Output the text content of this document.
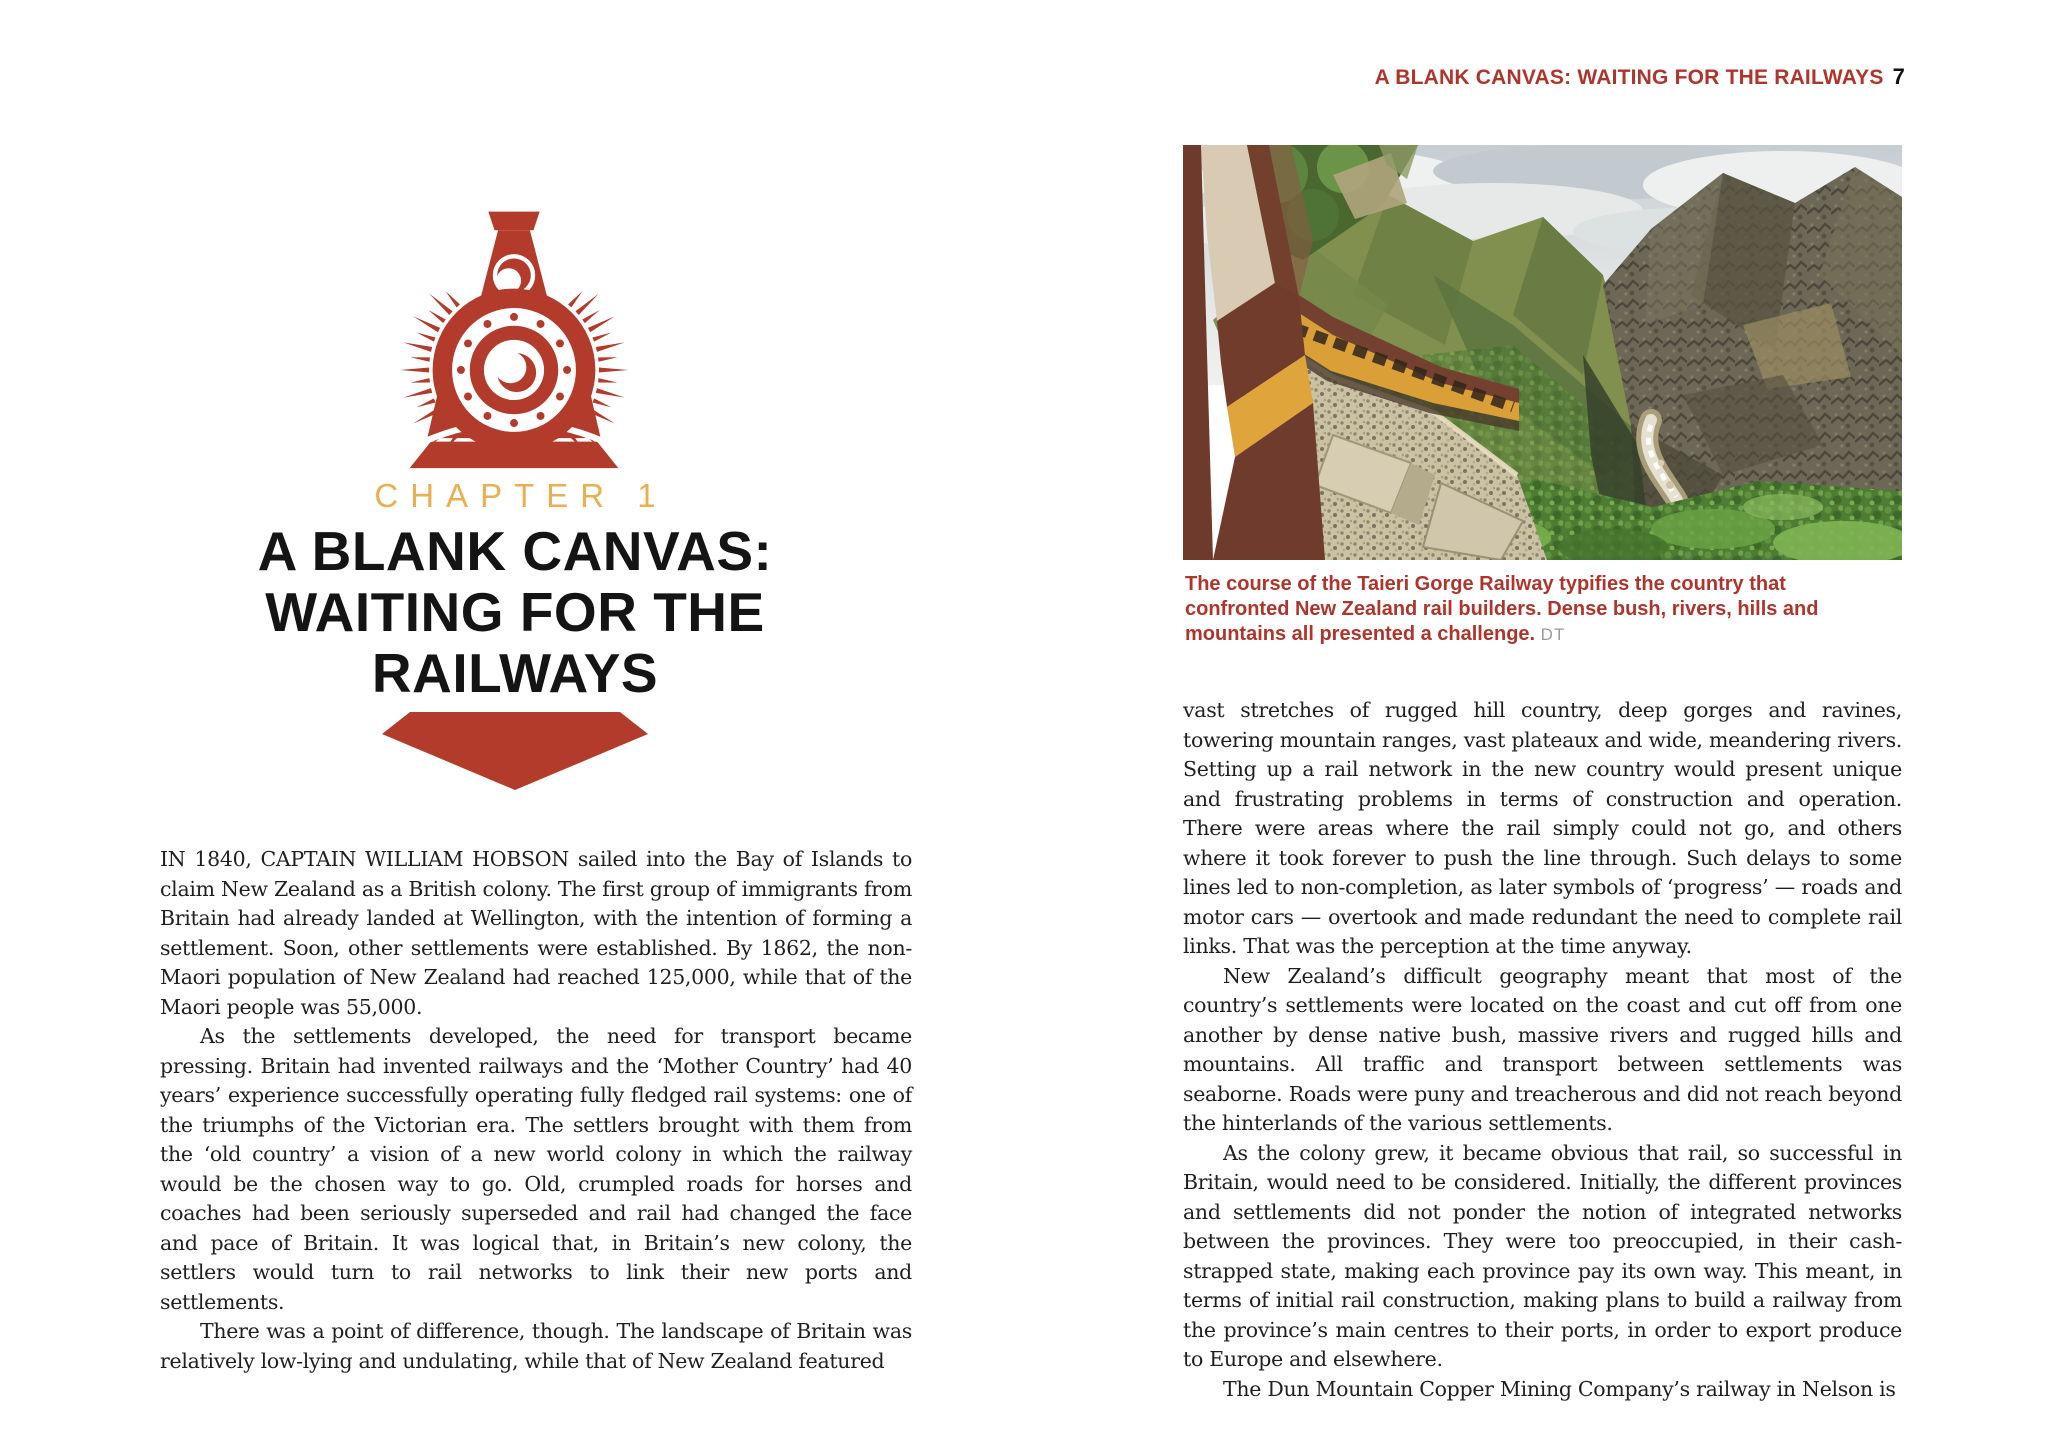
CHAPTER 1
A BLANK CANVAS:
WAITING FOR THE
RAILWAYS

IN 1840, CAPTAIN WILLIAM HOBSON sailed into the Bay of Islands to claim New Zealand as a British colony. The first group of immigrants from Britain had already landed at Wellington, with the intention of forming a settlement. Soon, other settlements were established. By 1862, the non-Maori population of New Zealand had reached 125,000, while that of the Maori people was 55,000.

As the settlements developed, the need for transport became pressing. Britain had invented railways and the ‘Mother Country’ had 40 years’ experience successfully operating fully fledged rail systems: one of the triumphs of the Victorian era. The settlers brought with them from the ‘old country’ a vision of a new world colony in which the railway would be the chosen way to go. Old, crumpled roads for horses and coaches had been seriously superseded and rail had changed the face and pace of Britain. It was logical that, in Britain’s new colony, the settlers would turn to rail networks to link their new ports and settlements.

There was a point of difference, though. The landscape of Britain was relatively low-lying and undulating, while that of New Zealand featured

A BLANK CANVAS: WAITING FOR THE RAILWAYS 7
The course of the Taieri Gorge Railway typifies the country that confronted New Zealand rail builders. Dense bush, rivers, hills and mountains all presented a challenge. DT

vast stretches of rugged hill country, deep gorges and ravines, towering mountain ranges, vast plateaux and wide, meandering rivers. Setting up a rail network in the new country would present unique and frustrating problems in terms of construction and operation. There were areas where the rail simply could not go, and others where it took forever to push the line through. Such delays to some lines led to non-completion, as later symbols of ‘progress’ — roads and motor cars — overtook and made redundant the need to complete rail links. That was the perception at the time anyway.

New Zealand’s difficult geography meant that most of the country’s settlements were located on the coast and cut off from one another by dense native bush, massive rivers and rugged hills and mountains. All traffic and transport between settlements was seaborne. Roads were puny and treacherous and did not reach beyond the hinterlands of the various settlements.

As the colony grew, it became obvious that rail, so successful in Britain, would need to be considered. Initially, the different provinces and settlements did not ponder the notion of integrated networks between the provinces. They were too preoccupied, in their cash-strapped state, making each province pay its own way. This meant, in terms of initial rail construction, making plans to build a railway from the province’s main centres to their ports, in order to export produce to Europe and elsewhere.

The Dun Mountain Copper Mining Company’s railway in Nelson is
